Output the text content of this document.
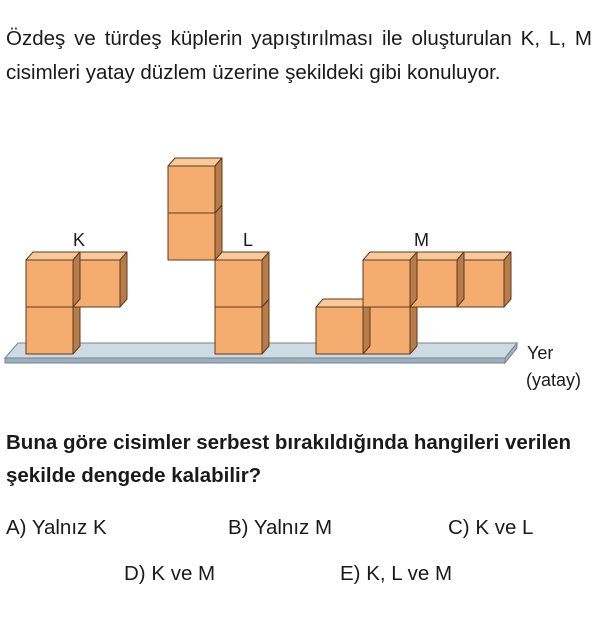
Özdeş ve türdeş küplerin yapıştırılması ile oluşturulan K, L, M cisimleri yatay düzlem üzerine şekildeki gibi konuluyor.

K	L	M
Yer
(yatay)

Buna göre cisimler serbest bırakıldığında hangileri verilen şekilde dengede kalabilir?

A) Yalnız K	B) Yalnız M	C) K ve L
D) K ve M	E) K, L ve M
